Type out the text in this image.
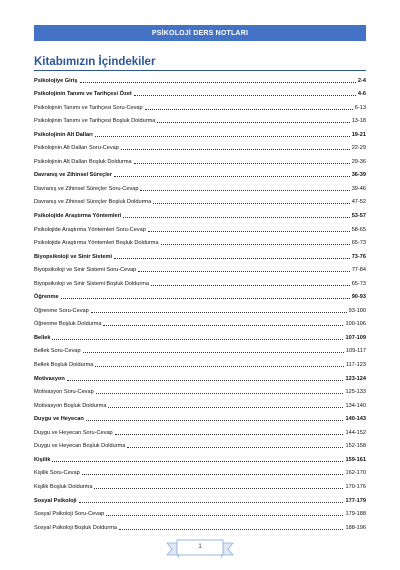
PSİKOLOJİ DERS NOTLARI
Kitabımızın İçindekiler
Psikolojiye Giriş	2-4
Psikolojinin Tanımı ve Tarihçesi Özet	4-6
Psikolojinin Tanımı ve Tarihçesi Soru-Cevap	6-13
Psikolojinin Tanımı ve Tarihçesi Boşluk Doldurma	13-18
Psikolojinin Alt Dalları	19-21
Psikolojinin Alt Dalları Soru-Cevap	22-29
Psikolojinin Alt Dalları Boşluk Doldurma	29-36
Davranış ve Zihinsel Süreçler	36-39
Davranış ve Zihinsel Süreçler Soru-Cevap	39-46
Davranış ve Zihinsel Süreçler Boşluk Doldurma	47-52
Psikolojide Araştırma Yöntemleri	53-57
Psikolojide Araştırma Yöntemleri Soru-Cevap	58-65
Psikolojide Araştırma Yöntemleri Boşluk Doldurma	65-73
Biyopsikoloji ve Sinir Sistemi	73-76
Biyopsikoloji ve Sinir Sistemi Soru-Cevap	77-84
Biyopsikoloji ve Sinir Sistemi Boşluk Doldurma	65-73
Öğrenme	90-93
Öğrenme Soru-Cevap	93-100
Öğrenme Boşluk Doldurma	100-106
Bellek	107-109
Bellek Soru-Cevap	109-117
Bellek Boşluk Doldurma	117-123
Motivasyon	123-124
Motivasyon Soru-Cevap	125-133
Motivasyon Boşluk Doldurma	134-140
Duygu ve Heyecan	140-143
Duygu ve Heyecan Soru-Cevap	144-152
Duygu ve Heyecan Boşluk Doldurma	152-158
Kişilik	159-161
Kişilik Soru-Cevap	162-170
Kişilik Boşluk Doldurma	170-176
Sosyal Psikoloji	177-179
Sosyal Psikoloji Soru-Cevap	179-188
Sosyal Psikoloji Boşluk Doldurma	188-196
1
